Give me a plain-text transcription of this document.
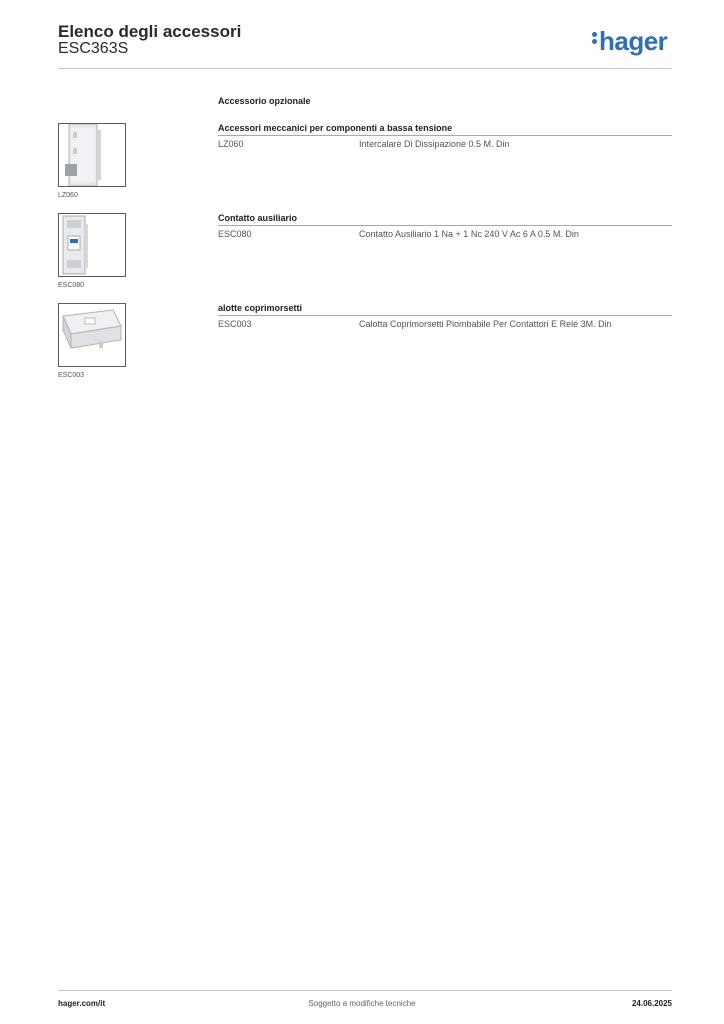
Elenco degli accessori
ESC363S	hager
Accessorio opzionale
LZ060
Accessori meccanici per componenti a bassa tensione
LZ060	Intercalare Di Dissipazione 0.5 M. Din
ESC080
Contatto ausiliario
ESC080	Contatto Ausiliario 1 Na + 1 Nc 240 V Ac 6 A 0.5 M. Din
ESC003
alotte coprimorsetti
ESC003	Calotta Coprimorsetti Piombabile Per Contattori E Relé 3M. Din
hager.com/it	Soggetto a modifiche tecniche	24.06.2025
